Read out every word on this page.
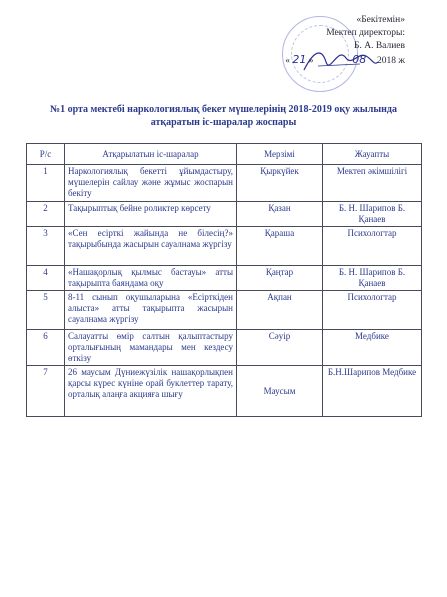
«Бекітемін»
Мектеп директоры:
Б. А. Валиев
« 21 »	08 2018 ж
№1 орта мектебі наркологиялық бекет мүшелерінің 2018-2019 оқу жылында атқаратын іс-шаралар жоспары
Р/с	Атқарылатын іс-шаралар	Мерзімі	Жауапты
1	Наркологиялық бекетті ұйымдастыру, мүшелерін сайлау және жұмыс жоспарын бекіту	Қыркүйек	Мектеп әкімшілігі
2	Тақырыптық бейне роликтер көрсету	Қазан	Б. Н. Шарипов Б. Қанаев
3	«Сен есірткі жайында не білесің?» тақырыбында жасырын сауалнама жүргізу	Қараша	Психологтар
4	«Нашақорлық қылмыс бастауы» атты тақырыпта баяндама оқу	Қаңтар	Б. Н. Шарипов Б. Қанаев
5	8-11 сынып оқушыларына «Есірткіден алыста» атты тақырыпта жасырын сауалнама жүргізу	Ақпан	Психологтар
6	Салауатты өмір салтын қалыптастыру орталығының мамандары мен кездесу өткізу	Сәуір	Медбике
7	26 маусым Дүниежүзілік нашақорлықпен қарсы күрес күніне орай буклеттер тарату, орталық алаңға акцияға шығу	Маусым	Б.Н.Шарипов Медбике
